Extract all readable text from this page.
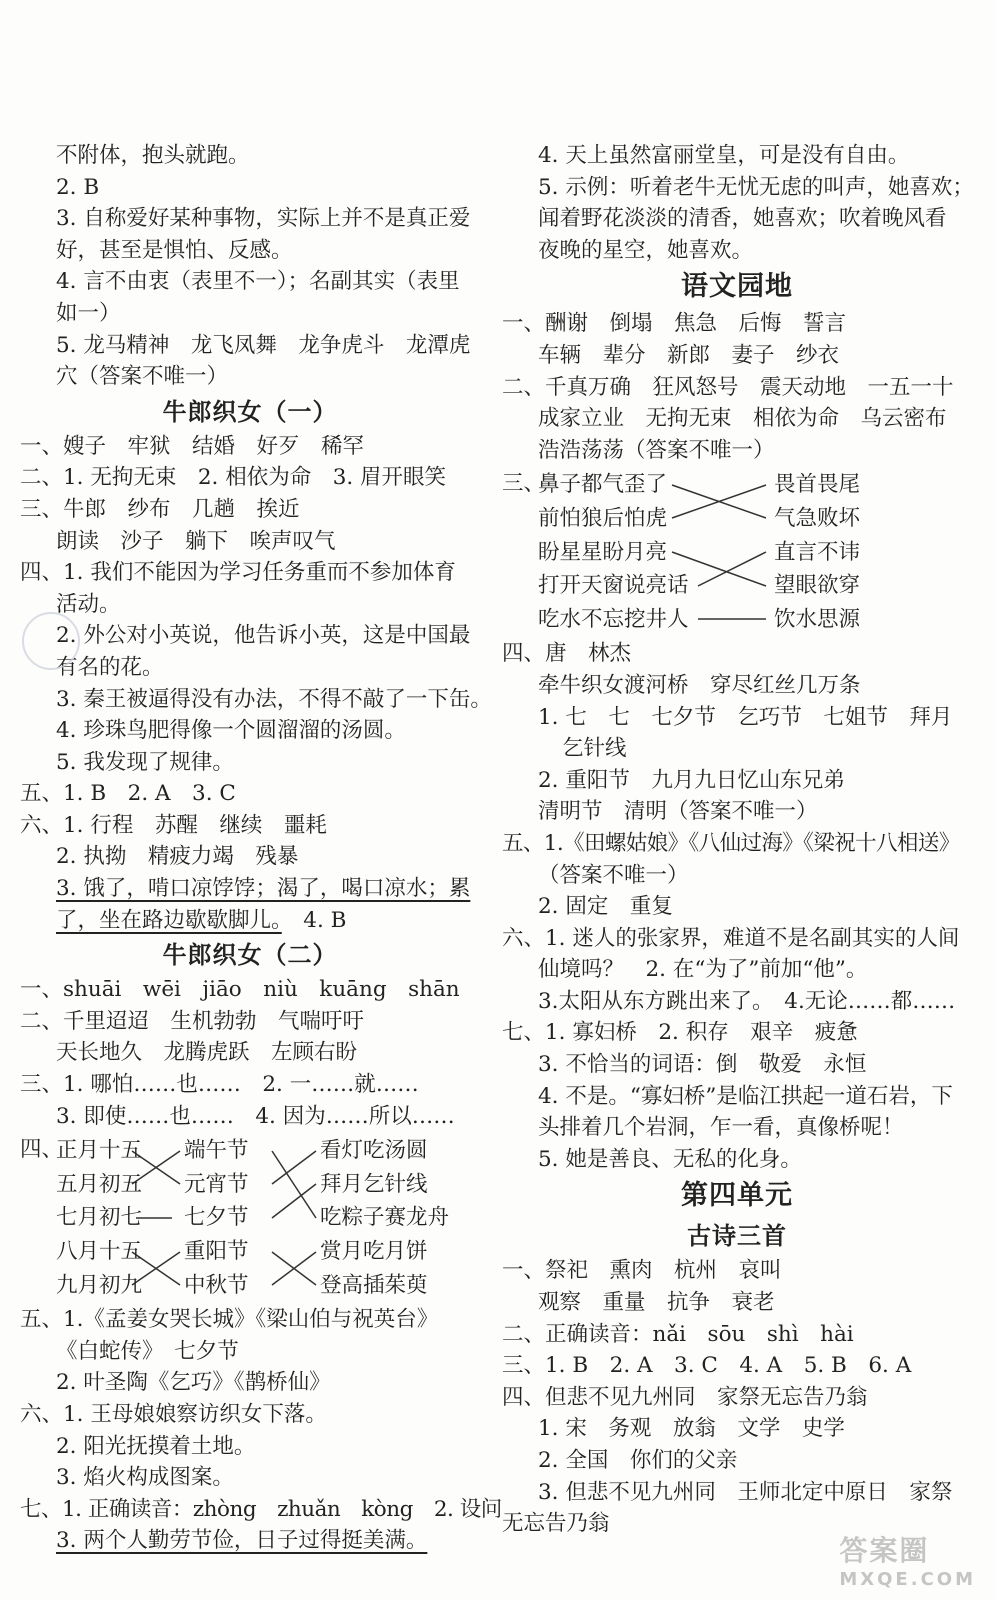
不附体，抱头就跑。
2. B
3. 自称爱好某种事物，实际上并不是真正爱
好，甚至是惧怕、反感。
4. 言不由衷（表里不一）；名副其实（表里
如一）
5. 龙马精神　龙飞凤舞　龙争虎斗　龙潭虎
穴（答案不唯一）
牛郎织女（一）
一、嫂子　牢狱　结婚　好歹　稀罕
二、1. 无拘无束　2. 相依为命　3. 眉开眼笑
三、牛郎　纱布　几趟　挨近
朗读　沙子　躺下　唉声叹气
四、1. 我们不能因为学习任务重而不参加体育
活动。
2. 外公对小英说，他告诉小英，这是中国最
有名的花。
3. 秦王被逼得没有办法，不得不敲了一下缶。
4. 珍珠鸟肥得像一个圆溜溜的汤圆。
5. 我发现了规律。
五、1. B　2. A　3. C
六、1. 行程　苏醒　继续　噩耗
2. 执拗　精疲力竭　残暴
3. 饿了，啃口凉饽饽；渴了，喝口凉水；累
了，坐在路边歇歇脚儿。　4. B
牛郎织女（二）
一、shuāi　wēi　jiāo　niù　kuāng　shān
二、千里迢迢　生机勃勃　气喘吁吁
天长地久　龙腾虎跃　左顾右盼
三、1. 哪怕……也……　2. 一……就……
3. 即使……也……　4. 因为……所以……
四、
正月十五
五月初五
七月初七
八月十五
九月初九
端午节
元宵节
七夕节
重阳节
中秋节
看灯吃汤圆
拜月乞针线
吃粽子赛龙舟
赏月吃月饼
登高插茱萸
五、1.《孟姜女哭长城》《梁山伯与祝英台》
《白蛇传》　七夕节
2. 叶圣陶《乞巧》《鹊桥仙》
六、1. 王母娘娘察访织女下落。
2. 阳光抚摸着土地。
3. 焰火构成图案。
七、1. 正确读音：zhòng　zhuǎn　kòng　2. 设问
3. 两个人勤劳节俭，日子过得挺美满。
4. 天上虽然富丽堂皇，可是没有自由。
5. 示例：听着老牛无忧无虑的叫声，她喜欢；
闻着野花淡淡的清香，她喜欢；吹着晚风看
夜晚的星空，她喜欢。
语文园地
一、酬谢　倒塌　焦急　后悔　誓言
车辆　辈分　新郎　妻子　纱衣
二、千真万确　狂风怒号　震天动地　一五一十
成家立业　无拘无束　相依为命　乌云密布
浩浩荡荡（答案不唯一）
三、
鼻子都气歪了
前怕狼后怕虎
盼星星盼月亮
打开天窗说亮话
吃水不忘挖井人
畏首畏尾
气急败坏
直言不讳
望眼欲穿
饮水思源
四、唐　林杰
牵牛织女渡河桥　穿尽红丝几万条
1. 七　七　七夕节　乞巧节　七姐节　拜月
乞针线
2. 重阳节　九月九日忆山东兄弟
清明节　清明（答案不唯一）
五、1.《田螺姑娘》《八仙过海》《梁祝十八相送》
（答案不唯一）
2. 固定　重复
六、1. 迷人的张家界，难道不是名副其实的人间
仙境吗？　2. 在“为了”前加“他”。
3.太阳从东方跳出来了。　4.无论……都……
七、1. 寡妇桥　2. 积存　艰辛　疲惫
3. 不恰当的词语：倒　敬爱　永恒
4. 不是。“寡妇桥”是临江拱起一道石岩，下
头排着几个岩洞，乍一看，真像桥呢！
5. 她是善良、无私的化身。
第四单元
古诗三首
一、祭祀　熏肉　杭州　哀叫
观察　重量　抗争　衰老
二、正确读音：nǎi　sōu　shì　hài
三、1. B　2. A　3. C　4. A　5. B　6. A
四、但悲不见九州同　家祭无忘告乃翁
1. 宋　务观　放翁　文学　史学
2. 全国　你们的父亲
3. 但悲不见九州同　王师北定中原日　家祭
无忘告乃翁
答案圈
MXQE.COM
